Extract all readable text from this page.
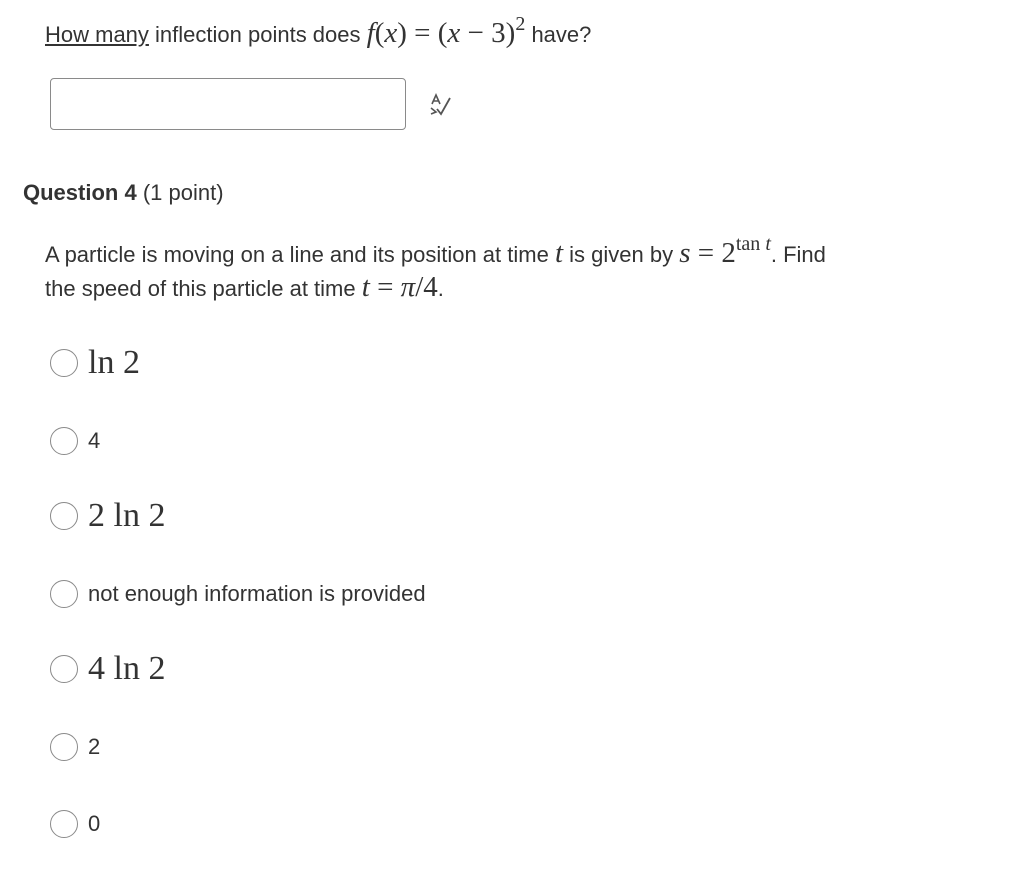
How many inflection points does $f(x) = (x - 3)^2$ have?
Question 4 (1 point)
A particle is moving on a line and its position at time t is given by $s = 2^{tan t}$. Find
the speed of this particle at time t = π/4.
ln 2
4
2 ln 2
not enough information is provided
4 ln 2
2
0
